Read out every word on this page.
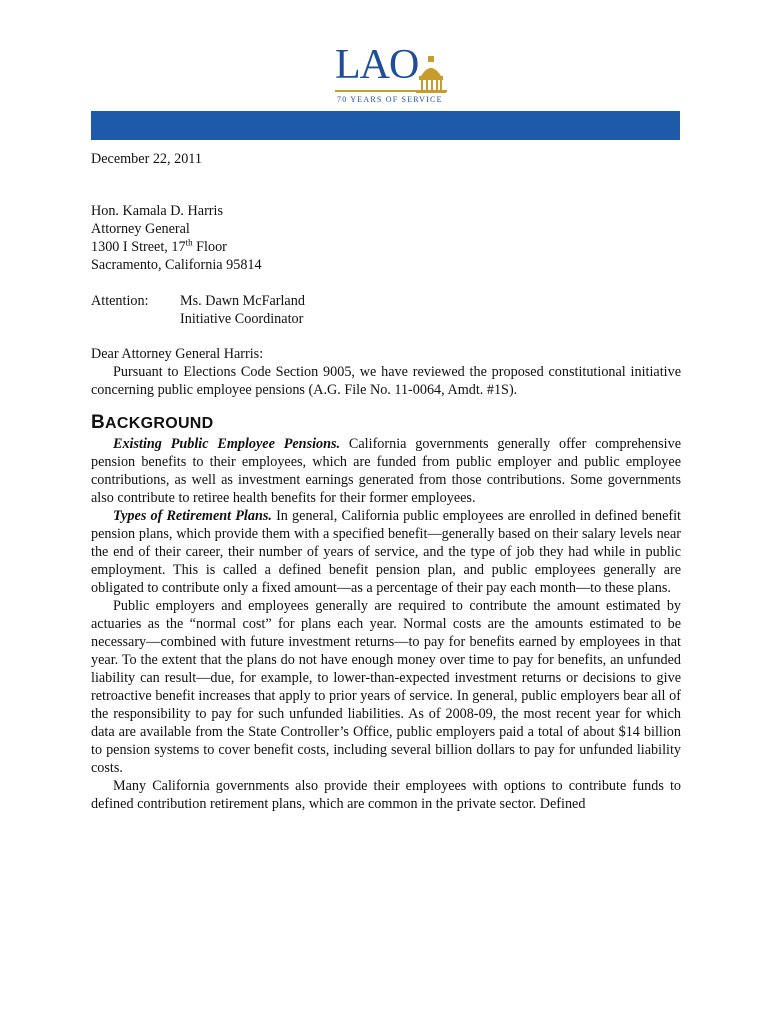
LAO
70 YEARS OF SERVICE
December 22, 2011
Hon. Kamala D. Harris
Attorney General
1300 I Street, 17th Floor
Sacramento, California 95814
Attention:	Ms. Dawn McFarland
Initiative Coordinator
Dear Attorney General Harris:

Pursuant to Elections Code Section 9005, we have reviewed the proposed constitutional initiative concerning public employee pensions (A.G. File No. 11-0064, Amdt. #1S).

BACKGROUND

Existing Public Employee Pensions. California governments generally offer comprehensive pension benefits to their employees, which are funded from public employer and public employee contributions, as well as investment earnings generated from those contributions. Some governments also contribute to retiree health benefits for their former employees.

Types of Retirement Plans. In general, California public employees are enrolled in defined benefit pension plans, which provide them with a specified benefit—generally based on their salary levels near the end of their career, their number of years of service, and the type of job they had while in public employment. This is called a defined benefit pension plan, and public employees generally are obligated to contribute only a fixed amount—as a percentage of their pay each month—to these plans.

Public employers and employees generally are required to contribute the amount estimated by actuaries as the “normal cost” for plans each year. Normal costs are the amounts estimated to be necessary—combined with future investment returns—to pay for benefits earned by employees in that year. To the extent that the plans do not have enough money over time to pay for benefits, an unfunded liability can result—due, for example, to lower-than-expected investment returns or decisions to give retroactive benefit increases that apply to prior years of service. In general, public employers bear all of the responsibility to pay for such unfunded liabilities. As of 2008-09, the most recent year for which data are available from the State Controller’s Office, public employers paid a total of about $14 billion to pension systems to cover benefit costs, including several billion dollars to pay for unfunded liability costs.

Many California governments also provide their employees with options to contribute funds to defined contribution retirement plans, which are common in the private sector. Defined
